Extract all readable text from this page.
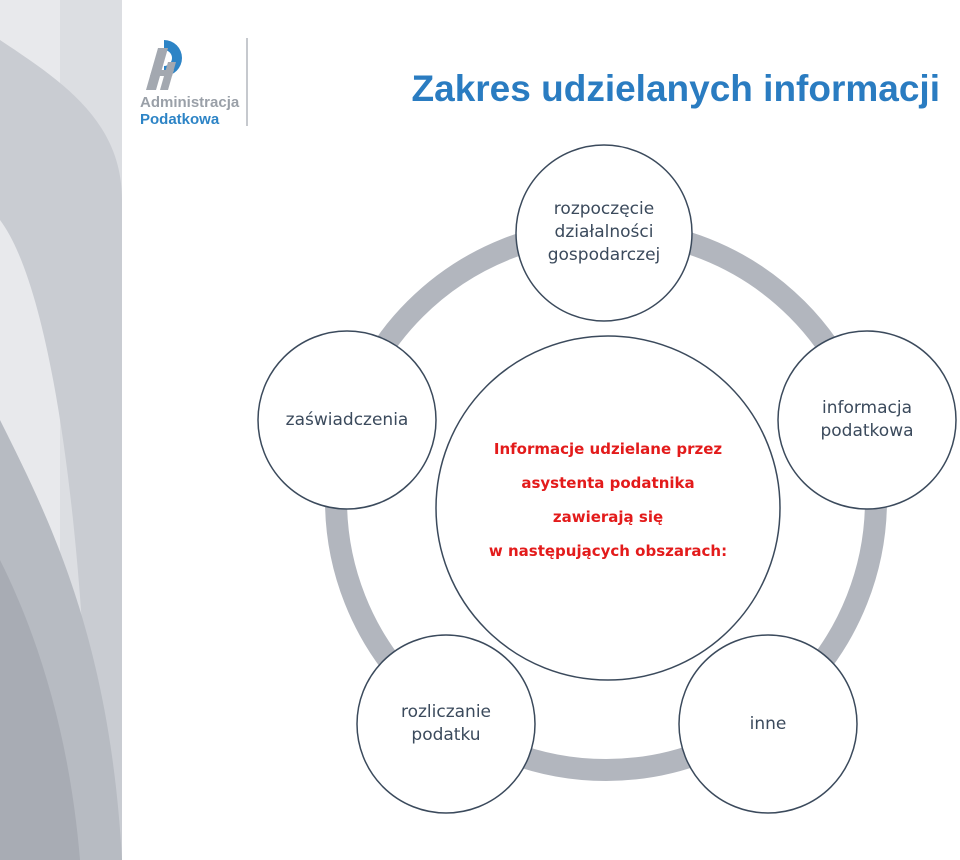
Administracja
Podatkowa
Zakres udzielanych informacji
Informacje udzielane przez
asystenta podatnika
zawierają się
w następujących obszarach:
rozpoczęcie
działalności
gospodarczej
informacja
podatkowa
inne
rozliczanie
podatku
zaświadczenia
